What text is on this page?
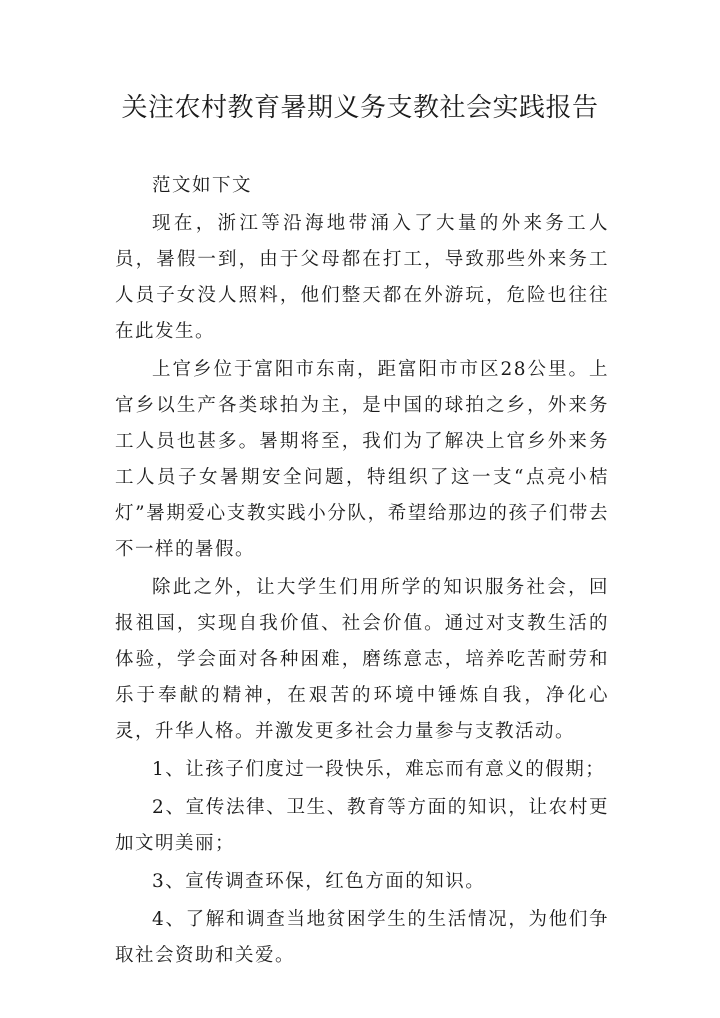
关注农村教育暑期义务支教社会实践报告

范文如下文

现在，浙江等沿海地带涌入了大量的外来务工人员，暑假一到，由于父母都在打工，导致那些外来务工人员子女没人照料，他们整天都在外游玩，危险也往往在此发生。

上官乡位于富阳市东南，距富阳市市区28公里。上官乡以生产各类球拍为主，是中国的球拍之乡，外来务工人员也甚多。暑期将至，我们为了解决上官乡外来务工人员子女暑期安全问题，特组织了这一支“点亮小桔灯”暑期爱心支教实践小分队，希望给那边的孩子们带去不一样的暑假。

除此之外，让大学生们用所学的知识服务社会，回报祖国，实现自我价值、社会价值。通过对支教生活的体验，学会面对各种困难，磨练意志，培养吃苦耐劳和乐于奉献的精神，在艰苦的环境中锤炼自我，净化心灵，升华人格。并激发更多社会力量参与支教活动。

1、让孩子们度过一段快乐，难忘而有意义的假期；

2、宣传法律、卫生、教育等方面的知识，让农村更加文明美丽；

3、宣传调查环保，红色方面的知识。

4、了解和调查当地贫困学生的生活情况，为他们争取社会资助和关爱。
